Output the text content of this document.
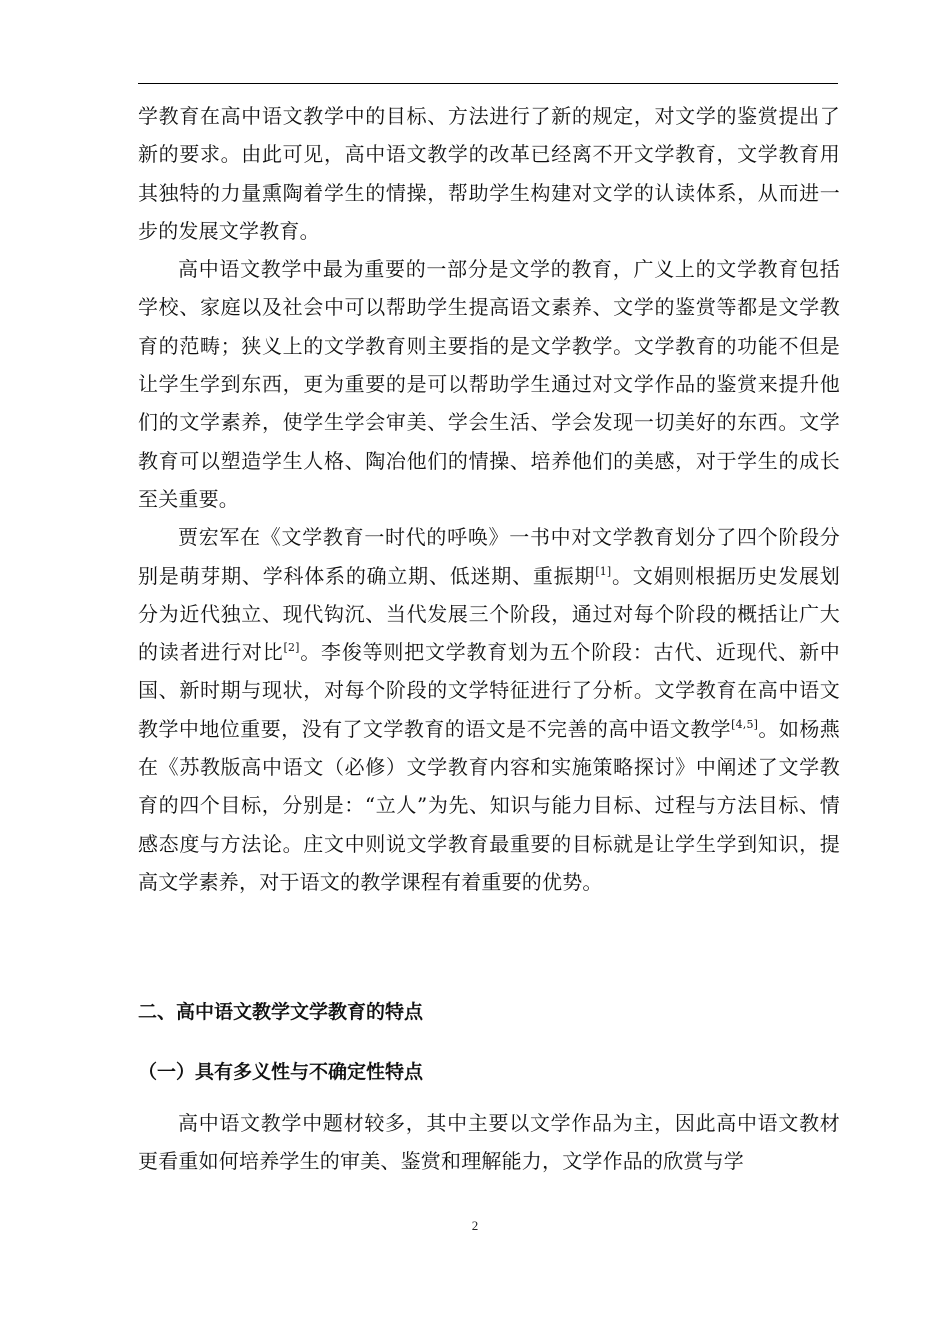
学教育在高中语文教学中的目标、方法进行了新的规定，对文学的鉴赏提出了新的要求。由此可见，高中语文教学的改革已经离不开文学教育，文学教育用其独特的力量熏陶着学生的情操，帮助学生构建对文学的认读体系，从而进一步的发展文学教育。

高中语文教学中最为重要的一部分是文学的教育，广义上的文学教育包括学校、家庭以及社会中可以帮助学生提高语文素养、文学的鉴赏等都是文学教育的范畴；狭义上的文学教育则主要指的是文学教学。文学教育的功能不但是让学生学到东西，更为重要的是可以帮助学生通过对文学作品的鉴赏来提升他们的文学素养，使学生学会审美、学会生活、学会发现一切美好的东西。文学教育可以塑造学生人格、陶冶他们的情操、培养他们的美感，对于学生的成长至关重要。

贾宏军在《文学教育一时代的呼唤》一书中对文学教育划分了四个阶段分别是萌芽期、学科体系的确立期、低迷期、重振期[1]。文娟则根据历史发展划分为近代独立、现代钩沉、当代发展三个阶段，通过对每个阶段的概括让广大的读者进行对比[2]。李俊等则把文学教育划为五个阶段：古代、近现代、新中国、新时期与现状，对每个阶段的文学特征进行了分析。文学教育在高中语文教学中地位重要，没有了文学教育的语文是不完善的高中语文教学[4,5]。如杨燕在《苏教版高中语文（必修）文学教育内容和实施策略探讨》中阐述了文学教育的四个目标，分别是：“立人”为先、知识与能力目标、过程与方法目标、情感态度与方法论。庄文中则说文学教育最重要的目标就是让学生学到知识，提高文学素养，对于语文的教学课程有着重要的优势。

二、高中语文教学文学教育的特点
（一）具有多义性与不确定性特点

高中语文教学中题材较多，其中主要以文学作品为主，因此高中语文教材更看重如何培养学生的审美、鉴赏和理解能力，文学作品的欣赏与学

2
